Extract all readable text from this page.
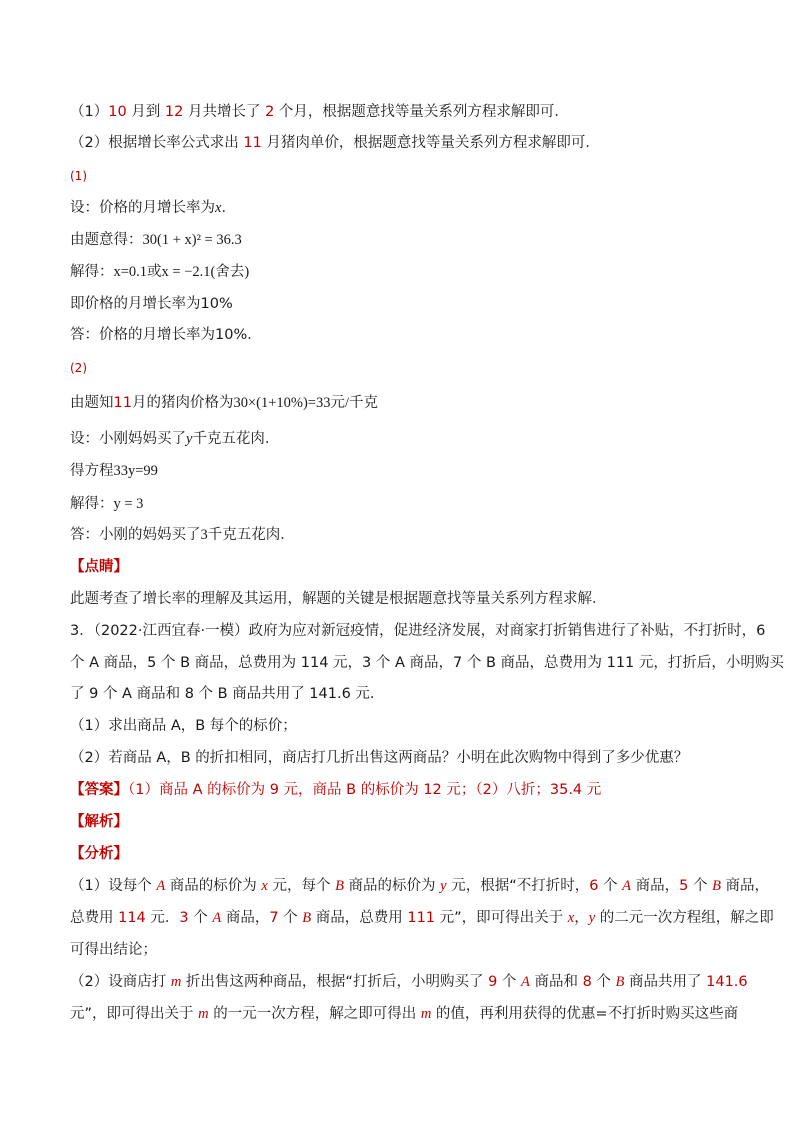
（1）10 月到 12 月共增长了 2 个月，根据题意找等量关系列方程求解即可．
（2）根据增长率公式求出 11 月猪肉单价，根据题意找等量关系列方程求解即可．
(1)
设：价格的月增长率为x．
由题意得：30(1 + x)² = 36.3
解得：x=0.1或x = −2.1(舍去)
即价格的月增长率为10%
答：价格的月增长率为10%．
(2)
由题知11月的猪肉价格为30×(1+10%)=33元/千克
设：小刚妈妈买了y千克五花肉．
得方程33y=99
解得：y = 3
答：小刚的妈妈买了3千克五花肉．
【点睛】
此题考查了增长率的理解及其运用，解题的关键是根据题意找等量关系列方程求解．
3．（2022·江西宜春·一模）政府为应对新冠疫情，促进经济发展，对商家打折销售进行了补贴，不打折时，6
个 A 商品，5 个 B 商品，总费用为 114 元，3 个 A 商品，7 个 B 商品，总费用为 111 元，打折后，小明购买
了 9 个 A 商品和 8 个 B 商品共用了 141.6 元．
（1）求出商品 A，B 每个的标价；
（2）若商品 A，B 的折扣相同，商店打几折出售这两商品？小明在此次购物中得到了多少优惠？
【答案】（1）商品 A 的标价为 9 元，商品 B 的标价为 12 元；（2）八折；35.4 元
【解析】
【分析】
（1）设每个 A 商品的标价为 x 元，每个 B 商品的标价为 y 元，根据“不打折时，6 个 A 商品，5 个 B 商品，
总费用 114 元．3 个 A 商品，7 个 B 商品，总费用 111 元”，即可得出关于 x，y 的二元一次方程组，解之即
可得出结论；
（2）设商店打 m 折出售这两种商品，根据“打折后，小明购买了 9 个 A 商品和 8 个 B 商品共用了 141.6
元”，即可得出关于 m 的一元一次方程，解之即可得出 m 的值，再利用获得的优惠=不打折时购买这些商
